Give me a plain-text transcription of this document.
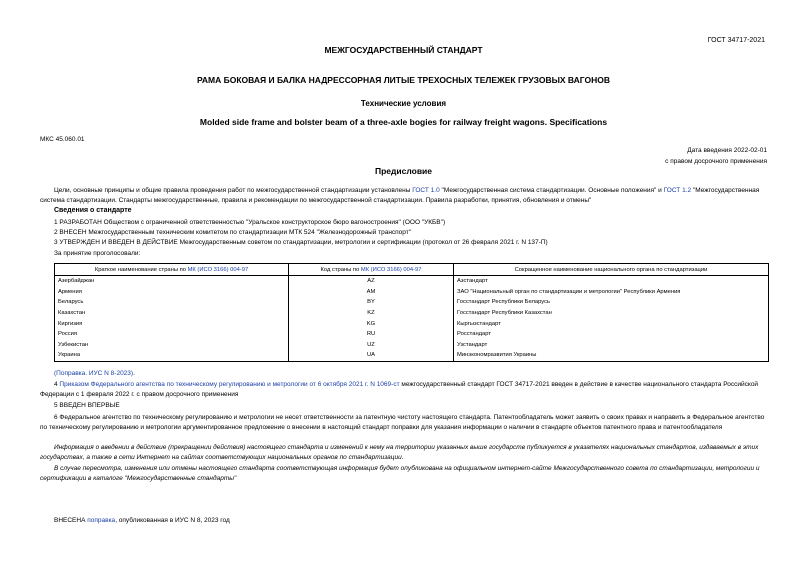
ГОСТ 34717-2021
МЕЖГОСУДАРСТВЕННЫЙ СТАНДАРТ
РАМА БОКОВАЯ И БАЛКА НАДРЕССОРНАЯ ЛИТЫЕ ТРЕХОСНЫХ ТЕЛЕЖЕК ГРУЗОВЫХ ВАГОНОВ
Технические условия
Molded side frame and bolster beam of a three-axle bogies for railway freight wagons. Specifications
МКС 45.060.01
Дата введения 2022-02-01
с правом досрочного применения
Предисловие
Цели, основные принципы и общие правила проведения работ по межгосударственной стандартизации установлены ГОСТ 1.0 "Межгосударственная система стандартизации. Основные положения" и ГОСТ 1.2 "Межгосударственная система стандартизации. Стандарты межгосударственные, правила и рекомендации по межгосударственной стандартизации. Правила разработки, принятия, обновления и отмены"
Сведения о стандарте
1 РАЗРАБОТАН Обществом с ограниченной ответственностью "Уральское конструкторское бюро вагоностроения" (ООО "УКБВ")
2 ВНЕСЕН Межгосударственным техническим комитетом по стандартизации МТК 524 "Железнодорожный транспорт"
3 УТВЕРЖДЕН И ВВЕДЕН В ДЕЙСТВИЕ Межгосударственным советом по стандартизации, метрологии и сертификации (протокол от 26 февраля 2021 г. N 137-П)
За принятие проголосовали:
Краткое наименование страны по МК (ИСО 3166) 004-97	Код страны по МК (ИСО 3166) 004-97	Сокращенное наименование национального органа по стандартизации
Азербайджан	AZ	Азстандарт
Армения	AM	ЗАО "Национальный орган по стандартизации и метрологии" Республики Армения
Беларусь	BY	Госстандарт Республики Беларусь
Казахстан	KZ	Госстандарт Республики Казахстан
Киргизия	KG	Кыргызстандарт
Россия	RU	Росстандарт
Узбекистан	UZ	Узстандарт
Украина	UA	Минэкономразвития Украины
(Поправка. ИУС N 8-2023).
4 Приказом Федерального агентства по техническому регулированию и метрологии от 6 октября 2021 г. N 1069-ст межгосударственный стандарт ГОСТ 34717-2021 введен в действие в качестве национального стандарта Российской Федерации с 1 февраля 2022 г. с правом досрочного применения
5 ВВЕДЕН ВПЕРВЫЕ
6 Федеральное агентство по техническому регулированию и метрологии не несет ответственности за патентную чистоту настоящего стандарта. Патентообладатель может заявить о своих правах и направить в Федеральное агентство по техническому регулированию и метрологии аргументированное предложение о внесении в настоящий стандарт поправки для указания информации о наличии в стандарте объектов патентного права и патентообладателя
Информация о введении в действие (прекращении действия) настоящего стандарта и изменений к нему на территории указанных выше государств публикуется в указателях национальных стандартов, издаваемых в этих государствах, а также в сети Интернет на сайтах соответствующих национальных органов по стандартизации.
В случае пересмотра, изменения или отмены настоящего стандарта соответствующая информация будет опубликована на официальном интернет-сайте Межгосударственного совета по стандартизации, метрологии и сертификации в каталоге "Межгосударственные стандарты"
ВНЕСЕНА поправка, опубликованная в ИУС N 8, 2023 год
